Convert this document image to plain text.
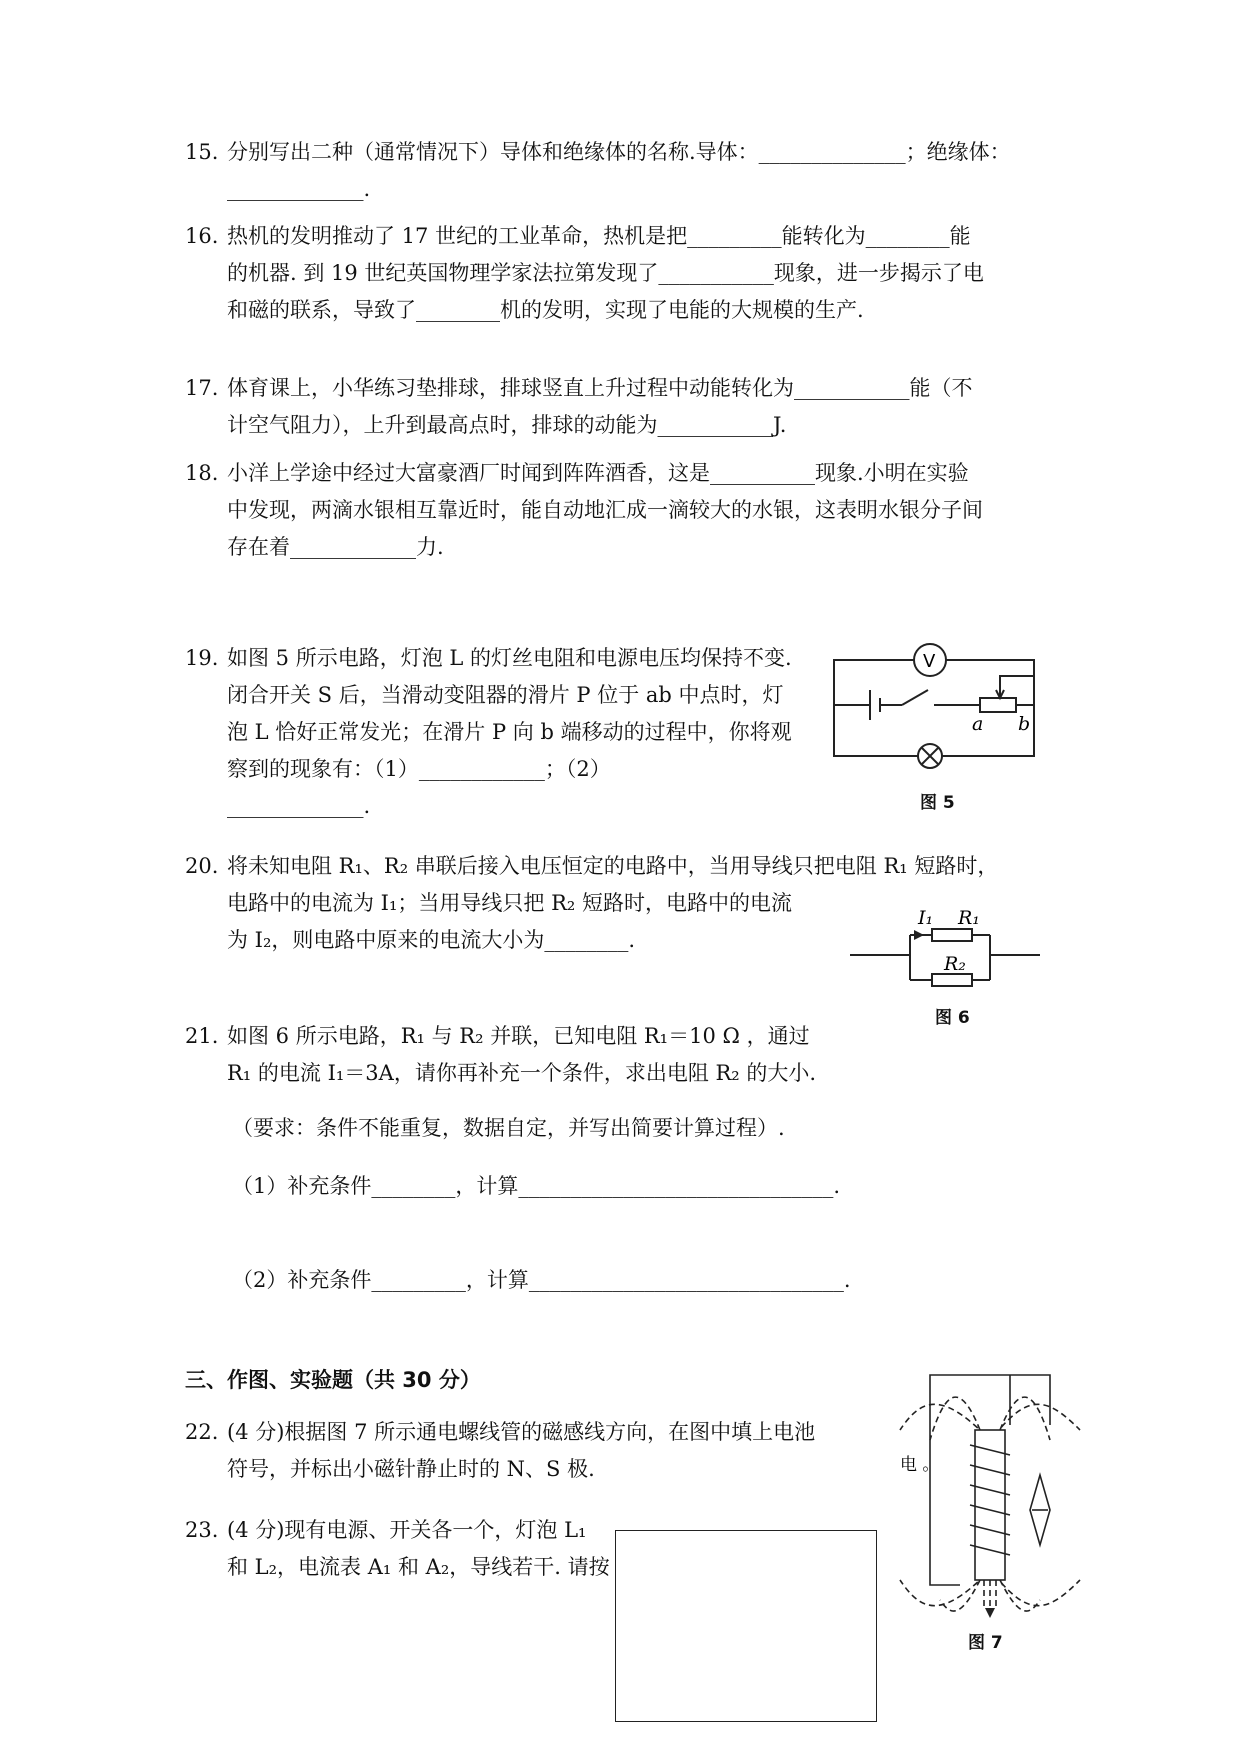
15. 分别写出二种（通常情况下）导体和绝缘体的名称.导体：______________；绝缘体：
_____________.
16. 热机的发明推动了 17 世纪的工业革命，热机是把_________能转化为________能
的机器. 到 19 世纪英国物理学家法拉第发现了___________现象，进一步揭示了电
和磁的联系，导致了________机的发明，实现了电能的大规模的生产.
17. 体育课上，小华练习垫排球，排球竖直上升过程中动能转化为___________能（不
计空气阻力），上升到最高点时，排球的动能为___________J.
18. 小洋上学途中经过大富豪酒厂时闻到阵阵酒香，这是__________现象.小明在实验
中发现，两滴水银相互靠近时，能自动地汇成一滴较大的水银，这表明水银分子间
存在着____________力.
19. 如图 5 所示电路，灯泡 L 的灯丝电阻和电源电压均保持不变.
闭合开关 S 后，当滑动变阻器的滑片 P 位于 ab 中点时，灯
泡 L 恰好正常发光；在滑片 P 向 b 端移动的过程中，你将观
察到的现象有：（1）____________；（2）
_____________.
V
a b
图 5
20. 将未知电阻 R₁、R₂ 串联后接入电压恒定的电路中，当用导线只把电阻 R₁ 短路时，
电路中的电流为 I₁；当用导线只把 R₂ 短路时，电路中的电流
为 I₂，则电路中原来的电流大小为________.
I₁ R₁
R₂
图 6
21. 如图 6 所示电路，R₁ 与 R₂ 并联，已知电阻 R₁＝10 Ω ，通过
R₁ 的电流 I₁＝3A，请你再补充一个条件，求出电阻 R₂ 的大小.
（要求：条件不能重复，数据自定，并写出简要计算过程）.
（1）补充条件________，计算______________________________.
（2）补充条件_________，计算______________________________.
三、作图、实验题（共 30 分）
22. (4 分)根据图 7 所示通电螺线管的磁感线方向，在图中填上电池
符号，并标出小磁针静止时的 N、S 极.
23. (4 分)现有电源、开关各一个，灯泡 L₁
和 L₂，电流表 A₁ 和 A₂，导线若干. 请按
电 。
图 7
